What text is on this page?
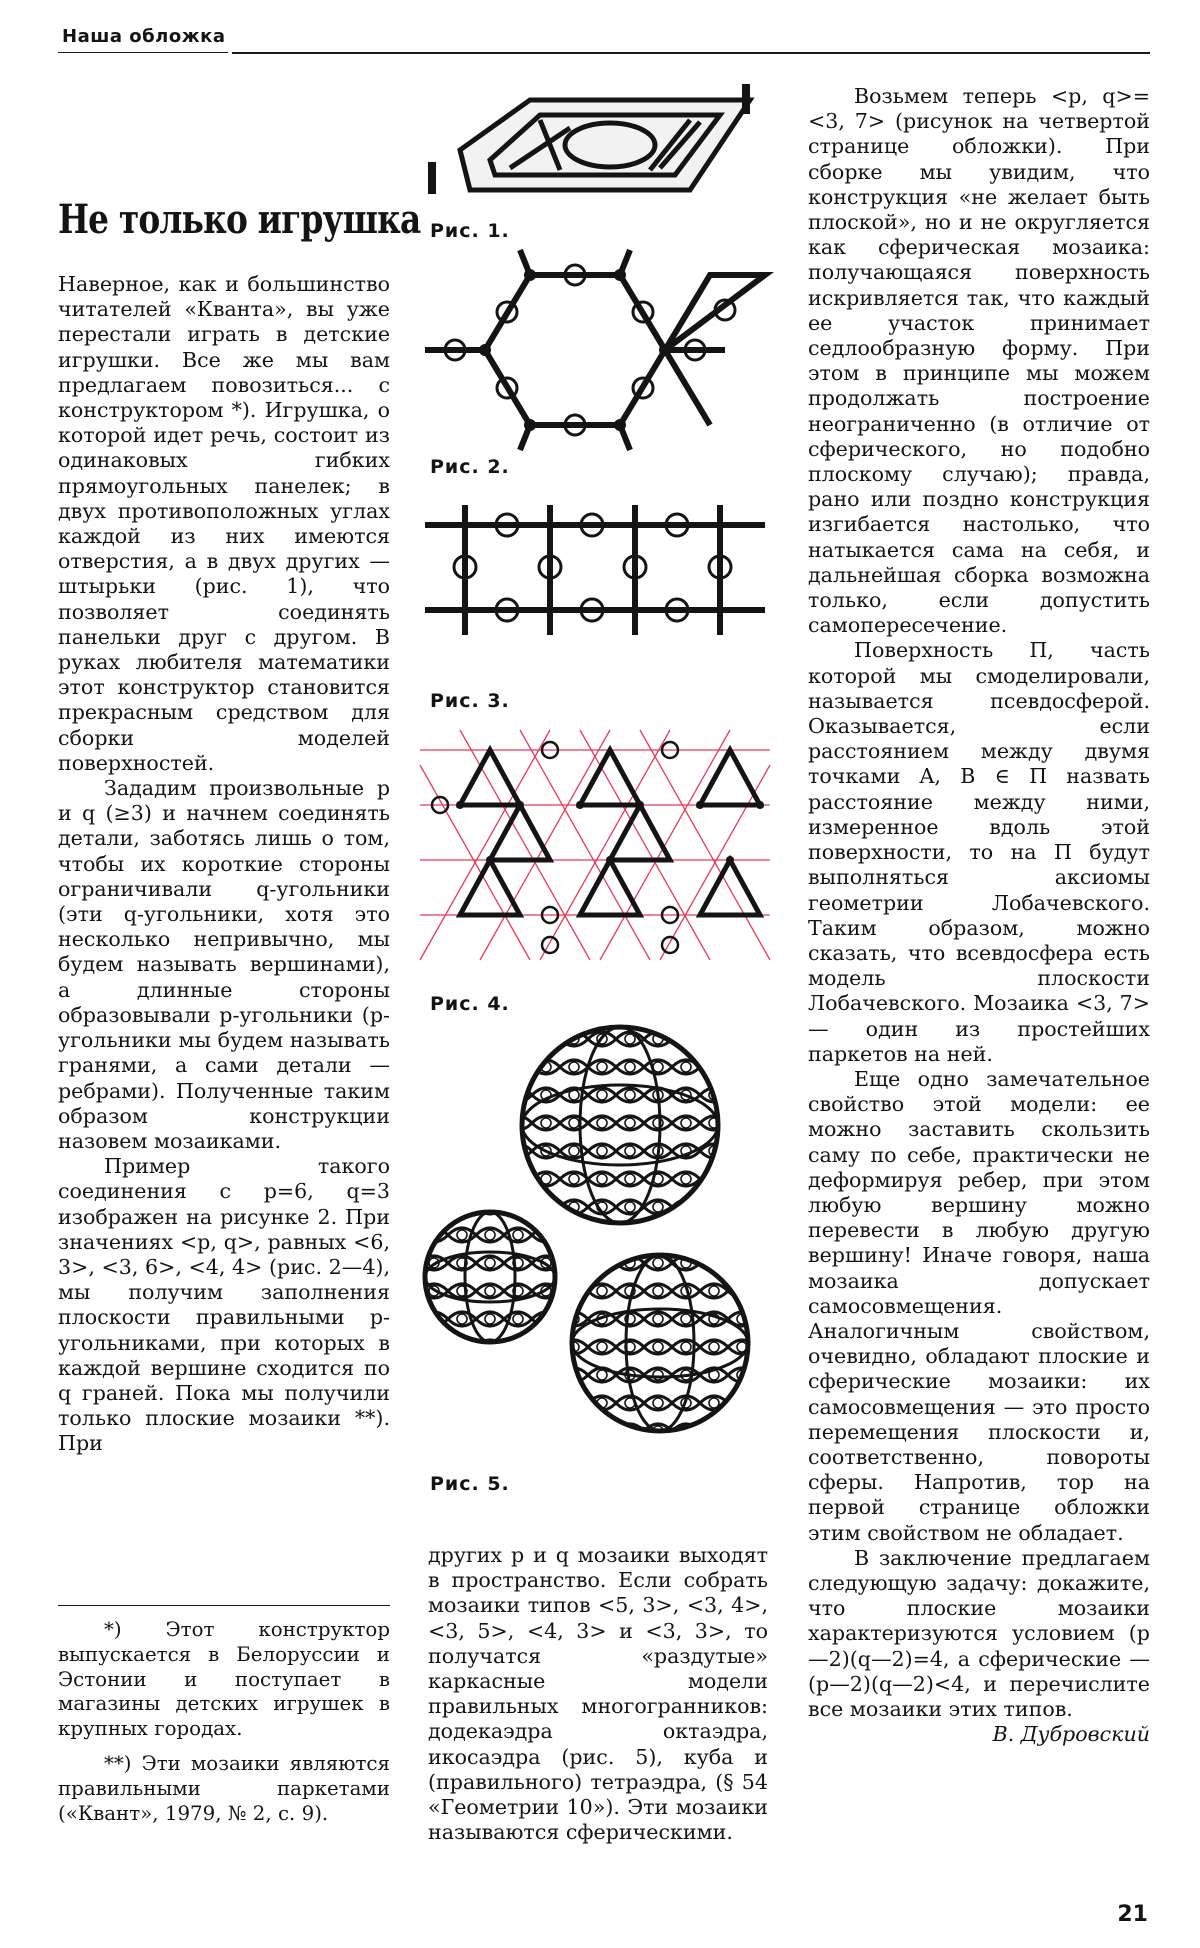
Наша обложка
Не только игрушка

Наверное, как и большинство читателей «Кванта», вы уже перестали играть в детские игрушки. Все же мы вам предлагаем повозиться... с конструктором *). Игрушка, о которой идет речь, состоит из одинаковых гибких прямоугольных панелек; в двух противоположных углах каждой из них имеются отверстия, а в двух других — штырьки (рис. 1), что позволяет соединять панельки друг с другом. В руках любителя математики этот конструктор становится прекрасным средством для сборки моделей поверхностей.

Зададим произвольные p и q (≥3) и начнем соединять детали, заботясь лишь о том, чтобы их короткие стороны ограничивали q-угольники (эти q-угольники, хотя это несколько непривычно, мы будем называть вершинами), а длинные стороны образовывали p-угольники (p-угольники мы будем называть гранями, а сами детали — ребрами). Полученные таким образом конструкции назовем мозаиками.

Пример такого соединения с p=6, q=3 изображен на рисунке 2. При значениях <p, q>, равных <6, 3>, <3, 6>, <4, 4> (рис. 2—4), мы получим заполнения плоскости правильными p-угольниками, при которых в каждой вершине сходится по q граней. Пока мы получили только плоские мозаики **). При

*) Этот конструктор выпускается в Белоруссии и Эстонии и поступает в магазины детских игрушек в крупных городах.

**) Эти мозаики являются правильными паркетами («Квант», 1979, № 2, с. 9).

других p и q мозаики выходят в пространство. Если собрать мозаики типов <5, 3>, <3, 4>, <3, 5>, <4, 3> и <3, 3>, то получатся «раздутые» каркасные модели правильных многогранников: додекаэдра октаэдра, икосаэдра (рис. 5), куба и (правильного) тетраэдра, (§ 54 «Геометрии 10»). Эти мозаики называются сферическими.

Возьмем теперь <p, q>=<3, 7> (рисунок на четвертой странице обложки). При сборке мы увидим, что конструкция «не желает быть плоской», но и не округляется как сферическая мозаика: получающаяся поверхность искривляется так, что каждый ее участок принимает седлообразную форму. При этом в принципе мы можем продолжать построение неограниченно (в отличие от сферического, но подобно плоскому случаю); правда, рано или поздно конструкция изгибается настолько, что натыкается сама на себя, и дальнейшая сборка возможна только, если допустить самопересечение.

Поверхность П, часть которой мы смоделировали, называется псевдосферой. Оказывается, если расстоянием между двумя точками A, B ∈ П назвать расстояние между ними, измеренное вдоль этой поверхности, то на П будут выполняться аксиомы геометрии Лобачевского. Таким образом, можно сказать, что всевдосфера есть модель плоскости Лобачевского. Мозаика <3, 7> — один из простейших паркетов на ней.

Еще одно замечательное свойство этой модели: ее можно заставить скользить саму по себе, практически не деформируя ребер, при этом любую вершину можно перевести в любую другую вершину! Иначе говоря, наша мозаика допускает самосовмещения. Аналогичным свойством, очевидно, обладают плоские и сферические мозаики: их самосовмещения — это просто перемещения плоскости и, соответственно, повороты сферы. Напротив, тор на первой странице обложки этим свойством не обладает.

В заключение предлагаем следующую задачу: докажите, что плоские мозаики характеризуются условием (p—2)(q—2)=4, а сферические — (p—2)(q—2)<4, и перечислите все мозаики этих типов.

В. Дубровский

Рис. 1.
Рис. 2.
Рис. 3.
Рис. 4.
Рис. 5.
21
